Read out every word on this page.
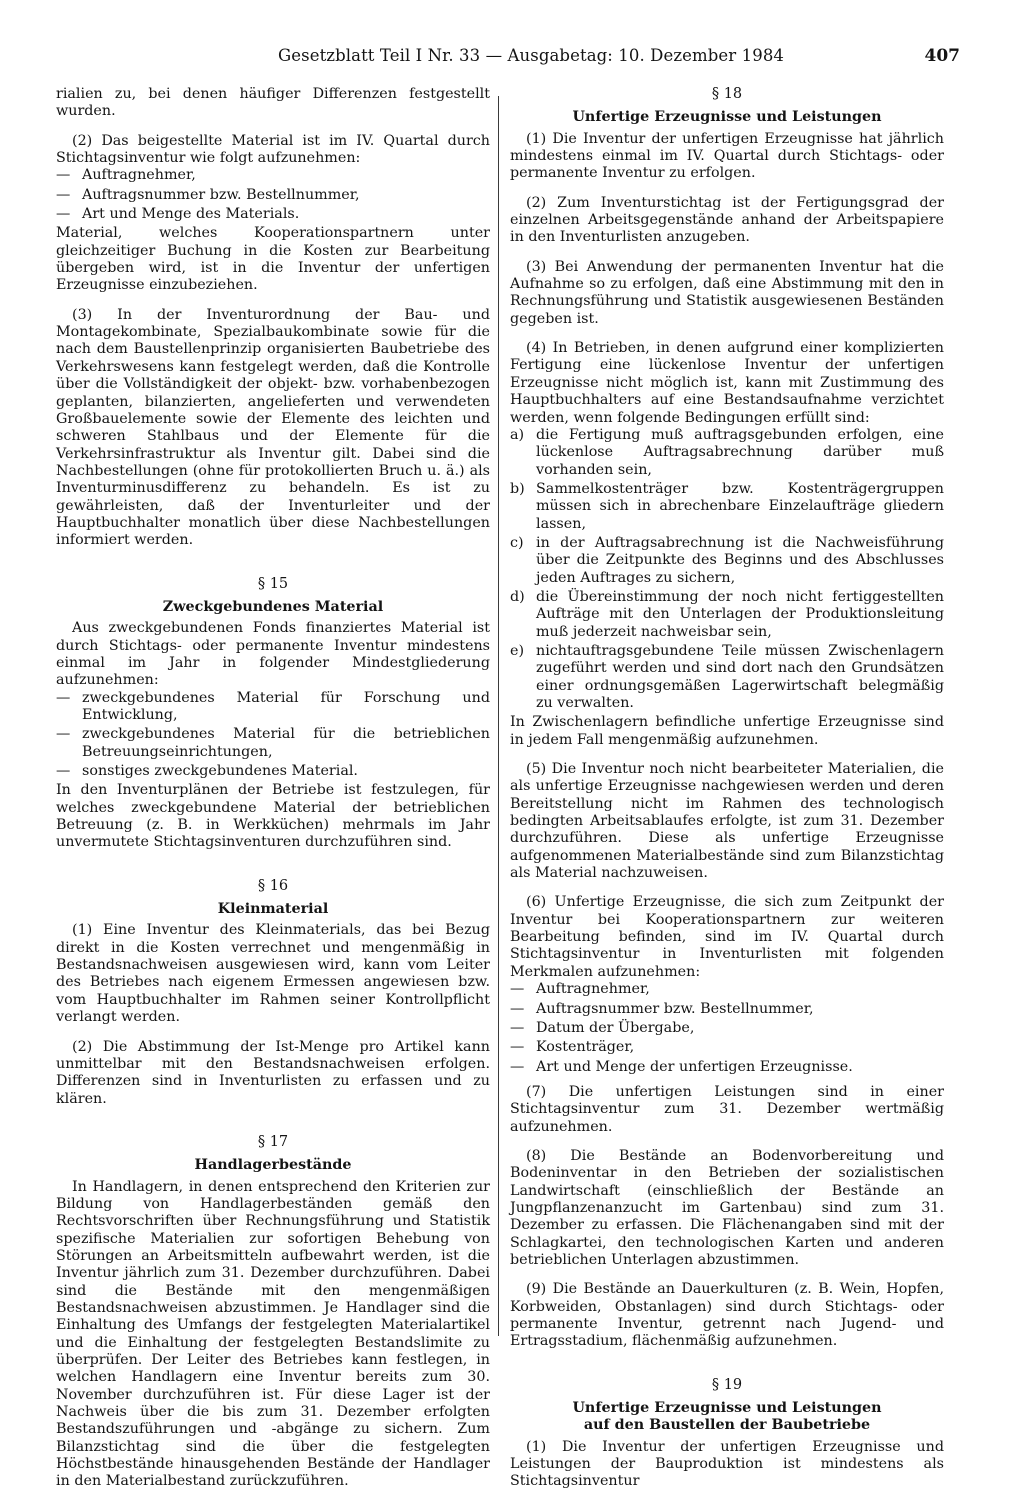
Gesetzblatt Teil I Nr. 33 — Ausgabetag: 10. Dezember 1984	407

rialien zu, bei denen häufiger Differenzen festgestellt wurden.

(2) Das beigestellte Material ist im IV. Quartal durch Stichtagsinventur wie folgt aufzunehmen:

— Auftragnehmer,
— Auftragsnummer bzw. Bestellnummer,
— Art und Menge des Materials.

Material, welches Kooperationspartnern unter gleichzeitiger Buchung in die Kosten zur Bearbeitung übergeben wird, ist in die Inventur der unfertigen Erzeugnisse einzubeziehen.

(3) In der Inventurordnung der Bau- und Montagekombinate, Spezialbaukombinate sowie für die nach dem Baustellenprinzip organisierten Baubetriebe des Verkehrswesens kann festgelegt werden, daß die Kontrolle über die Vollständigkeit der objekt- bzw. vorhabenbezogen geplanten, bilanzierten, angelieferten und verwendeten Großbauelemente sowie der Elemente des leichten und schweren Stahlbaus und der Elemente für die Verkehrsinfrastruktur als Inventur gilt. Dabei sind die Nachbestellungen (ohne für protokollierten Bruch u. ä.) als Inventurminusdifferenz zu behandeln. Es ist zu gewährleisten, daß der Inventurleiter und der Hauptbuchhalter monatlich über diese Nachbestellungen informiert werden.

§ 15
Zweckgebundenes Material

Aus zweckgebundenen Fonds finanziertes Material ist durch Stichtags- oder permanente Inventur mindestens einmal im Jahr in folgender Mindestgliederung aufzunehmen:

— zweckgebundenes Material für Forschung und Entwicklung,
— zweckgebundenes Material für die betrieblichen Betreuungseinrichtungen,
— sonstiges zweckgebundenes Material.

In den Inventurplänen der Betriebe ist festzulegen, für welches zweckgebundene Material der betrieblichen Betreuung (z. B. in Werkküchen) mehrmals im Jahr unvermutete Stichtagsinventuren durchzuführen sind.

§ 16
Kleinmaterial

(1) Eine Inventur des Kleinmaterials, das bei Bezug direkt in die Kosten verrechnet und mengenmäßig in Bestandsnachweisen ausgewiesen wird, kann vom Leiter des Betriebes nach eigenem Ermessen angewiesen bzw. vom Hauptbuchhalter im Rahmen seiner Kontrollpflicht verlangt werden.

(2) Die Abstimmung der Ist-Menge pro Artikel kann unmittelbar mit den Bestandsnachweisen erfolgen. Differenzen sind in Inventurlisten zu erfassen und zu klären.

§ 17
Handlagerbestände

In Handlagern, in denen entsprechend den Kriterien zur Bildung von Handlagerbeständen gemäß den Rechtsvorschriften über Rechnungsführung und Statistik spezifische Materialien zur sofortigen Behebung von Störungen an Arbeitsmitteln aufbewahrt werden, ist die Inventur jährlich zum 31. Dezember durchzuführen. Dabei sind die Bestände mit den mengenmäßigen Bestandsnachweisen abzustimmen. Je Handlager sind die Einhaltung des Umfangs der festgelegten Materialartikel und die Einhaltung der festgelegten Bestandslimite zu überprüfen. Der Leiter des Betriebes kann festlegen, in welchen Handlagern eine Inventur bereits zum 30. November durchzuführen ist. Für diese Lager ist der Nachweis über die bis zum 31. Dezember erfolgten Bestandszuführungen und -abgänge zu sichern. Zum Bilanzstichtag sind die über die festgelegten Höchstbestände hinausgehenden Bestände der Handlager in den Materialbestand zurückzuführen.

§ 18
Unfertige Erzeugnisse und Leistungen

(1) Die Inventur der unfertigen Erzeugnisse hat jährlich mindestens einmal im IV. Quartal durch Stichtags- oder permanente Inventur zu erfolgen.

(2) Zum Inventurstichtag ist der Fertigungsgrad der einzelnen Arbeitsgegenstände anhand der Arbeitspapiere in den Inventurlisten anzugeben.

(3) Bei Anwendung der permanenten Inventur hat die Aufnahme so zu erfolgen, daß eine Abstimmung mit den in Rechnungsführung und Statistik ausgewiesenen Beständen gegeben ist.

(4) In Betrieben, in denen aufgrund einer komplizierten Fertigung eine lückenlose Inventur der unfertigen Erzeugnisse nicht möglich ist, kann mit Zustimmung des Hauptbuchhalters auf eine Bestandsaufnahme verzichtet werden, wenn folgende Bedingungen erfüllt sind:

a) die Fertigung muß auftragsgebunden erfolgen, eine lückenlose Auftragsabrechnung darüber muß vorhanden sein,
b) Sammelkostenträger bzw. Kostenträgergruppen müssen sich in abrechenbare Einzelaufträge gliedern lassen,
c) in der Auftragsabrechnung ist die Nachweisführung über die Zeitpunkte des Beginns und des Abschlusses jeden Auftrages zu sichern,
d) die Übereinstimmung der noch nicht fertiggestellten Aufträge mit den Unterlagen der Produktionsleitung muß jederzeit nachweisbar sein,
e) nichtauftragsgebundene Teile müssen Zwischenlagern zugeführt werden und sind dort nach den Grundsätzen einer ordnungsgemäßen Lagerwirtschaft belegmäßig zu verwalten.

In Zwischenlagern befindliche unfertige Erzeugnisse sind in jedem Fall mengenmäßig aufzunehmen.

(5) Die Inventur noch nicht bearbeiteter Materialien, die als unfertige Erzeugnisse nachgewiesen werden und deren Bereitstellung nicht im Rahmen des technologisch bedingten Arbeitsablaufes erfolgte, ist zum 31. Dezember durchzuführen. Diese als unfertige Erzeugnisse aufgenommenen Materialbestände sind zum Bilanzstichtag als Material nachzuweisen.

(6) Unfertige Erzeugnisse, die sich zum Zeitpunkt der Inventur bei Kooperationspartnern zur weiteren Bearbeitung befinden, sind im IV. Quartal durch Stichtagsinventur in Inventurlisten mit folgenden Merkmalen aufzunehmen:

— Auftragnehmer,
— Auftragsnummer bzw. Bestellnummer,
— Datum der Übergabe,
— Kostenträger,
— Art und Menge der unfertigen Erzeugnisse.

(7) Die unfertigen Leistungen sind in einer Stichtagsinventur zum 31. Dezember wertmäßig aufzunehmen.

(8) Die Bestände an Bodenvorbereitung und Bodeninventar in den Betrieben der sozialistischen Landwirtschaft (einschließlich der Bestände an Jungpflanzenanzucht im Gartenbau) sind zum 31. Dezember zu erfassen. Die Flächenangaben sind mit der Schlagkartei, den technologischen Karten und anderen betrieblichen Unterlagen abzustimmen.

(9) Die Bestände an Dauerkulturen (z. B. Wein, Hopfen, Korbweiden, Obstanlagen) sind durch Stichtags- oder permanente Inventur, getrennt nach Jugend- und Ertragsstadium, flächenmäßig aufzunehmen.

§ 19
Unfertige Erzeugnisse und Leistungen
auf den Baustellen der Baubetriebe

(1) Die Inventur der unfertigen Erzeugnisse und Leistungen der Bauproduktion ist mindestens als Stichtagsinventur
